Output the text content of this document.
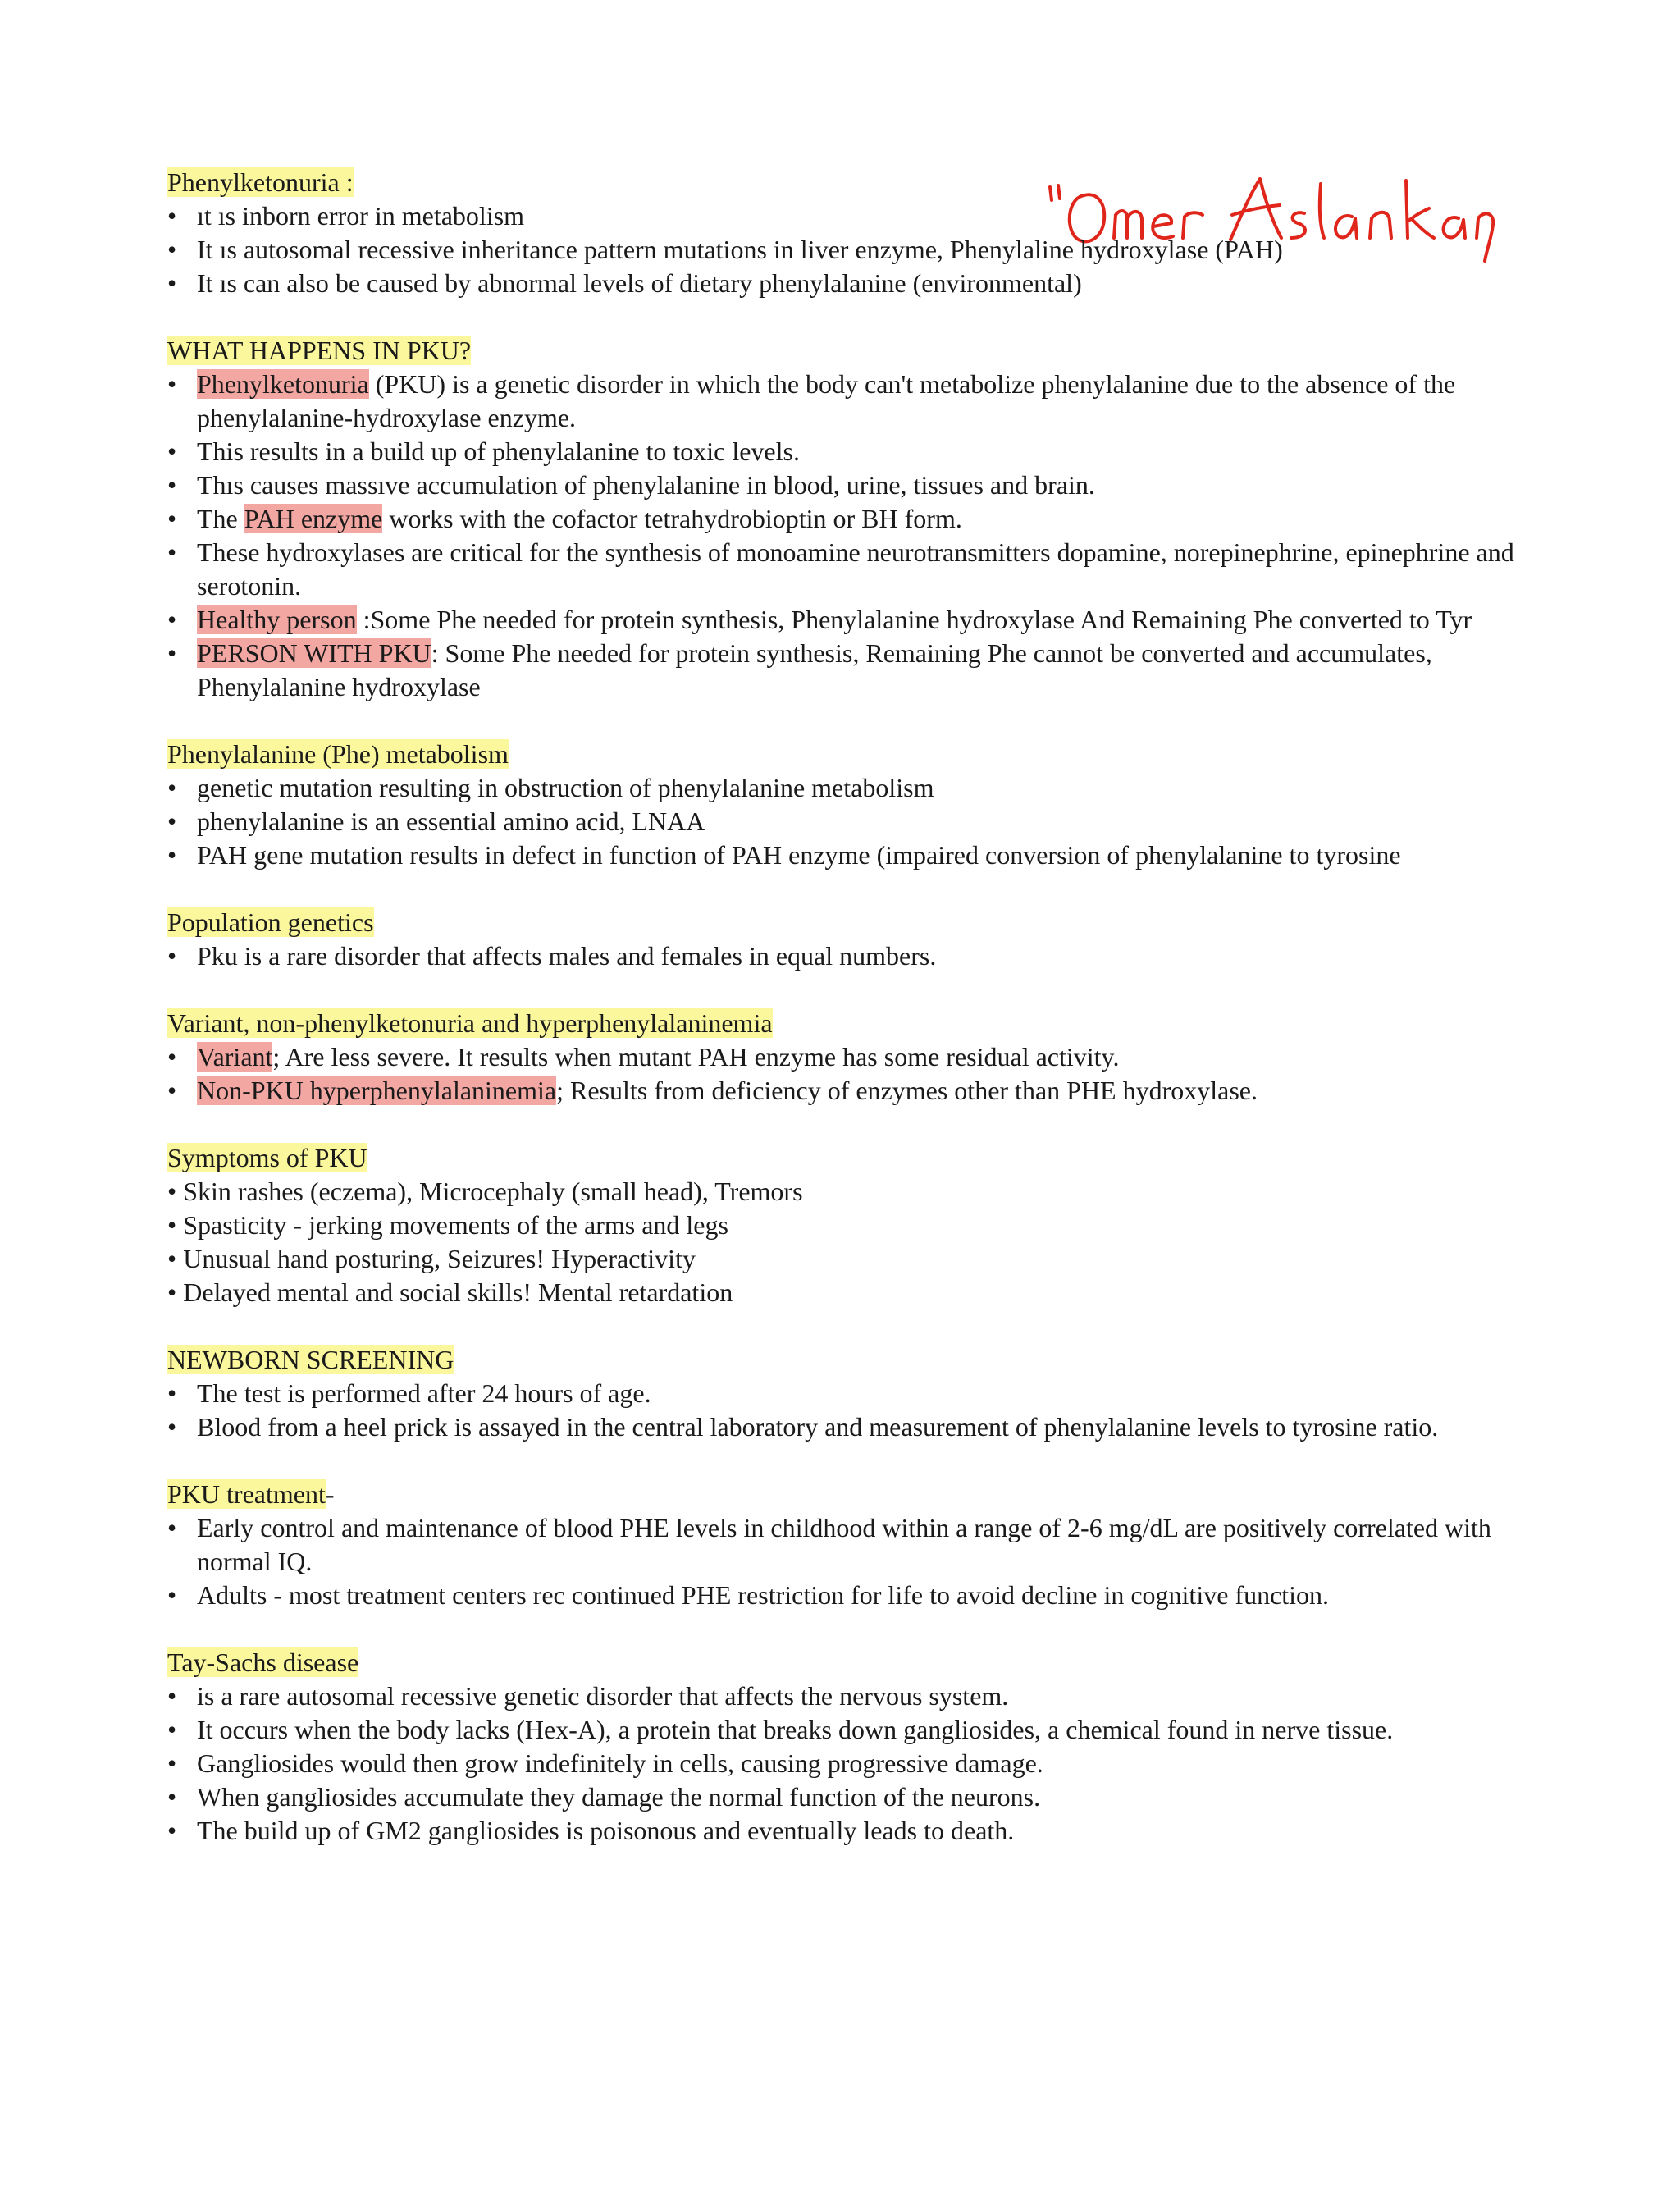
Phenylketonuria :
• ıt ıs inborn error in metabolism
• It ıs autosomal recessive inheritance pattern mutations in liver enzyme, Phenylaline hydroxylase (PAH)
• It ıs can also be caused by abnormal levels of dietary phenylalanine (environmental)
WHAT HAPPENS IN PKU?
• Phenylketonuria (PKU) is a genetic disorder in which the body can't metabolize phenylalanine due to the absence of the phenylalanine-hydroxylase enzyme.
• This results in a build up of phenylalanine to toxic levels.
• Thıs causes massıve accumulation of phenylalanine in blood, urine, tissues and brain.
• The PAH enzyme works with the cofactor tetrahydrobioptin or BH form.
• These hydroxylases are critical for the synthesis of monoamine neurotransmitters dopamine, norepinephrine, epinephrine and serotonin.
• Healthy person :Some Phe needed for protein synthesis, Phenylalanine hydroxylase And Remaining Phe converted to Tyr
• PERSON WITH PKU: Some Phe needed for protein synthesis, Remaining Phe cannot be converted and accumulates, Phenylalanine hydroxylase
Phenylalanine (Phe) metabolism
• genetic mutation resulting in obstruction of phenylalanine metabolism
• phenylalanine is an essential amino acid, LNAA
• PAH gene mutation results in defect in function of PAH enzyme (impaired conversion of phenylalanine to tyrosine
Population genetics
• Pku is a rare disorder that affects males and females in equal numbers.
Variant, non-phenylketonuria and hyperphenylalaninemia
• Variant; Are less severe. It results when mutant PAH enzyme has some residual activity.
• Non-PKU hyperphenylalaninemia; Results from deficiency of enzymes other than PHE hydroxylase.
Symptoms of PKU
• Skin rashes (eczema), Microcephaly (small head), Tremors
• Spasticity - jerking movements of the arms and legs
• Unusual hand posturing, Seizures! Hyperactivity
• Delayed mental and social skills! Mental retardation
NEWBORN SCREENING
• The test is performed after 24 hours of age.
• Blood from a heel prick is assayed in the central laboratory and measurement of phenylalanine levels to tyrosine ratio.
PKU treatment-
• Early control and maintenance of blood PHE levels in childhood within a range of 2-6 mg/dL are positively correlated with normal IQ.
• Adults - most treatment centers rec continued PHE restriction for life to avoid decline in cognitive function.
Tay-Sachs disease
• is a rare autosomal recessive genetic disorder that affects the nervous system.
• It occurs when the body lacks (Hex-A), a protein that breaks down gangliosides, a chemical found in nerve tissue.
• Gangliosides would then grow indefinitely in cells, causing progressive damage.
• When gangliosides accumulate they damage the normal function of the neurons.
• The build up of GM2 gangliosides is poisonous and eventually leads to death.
